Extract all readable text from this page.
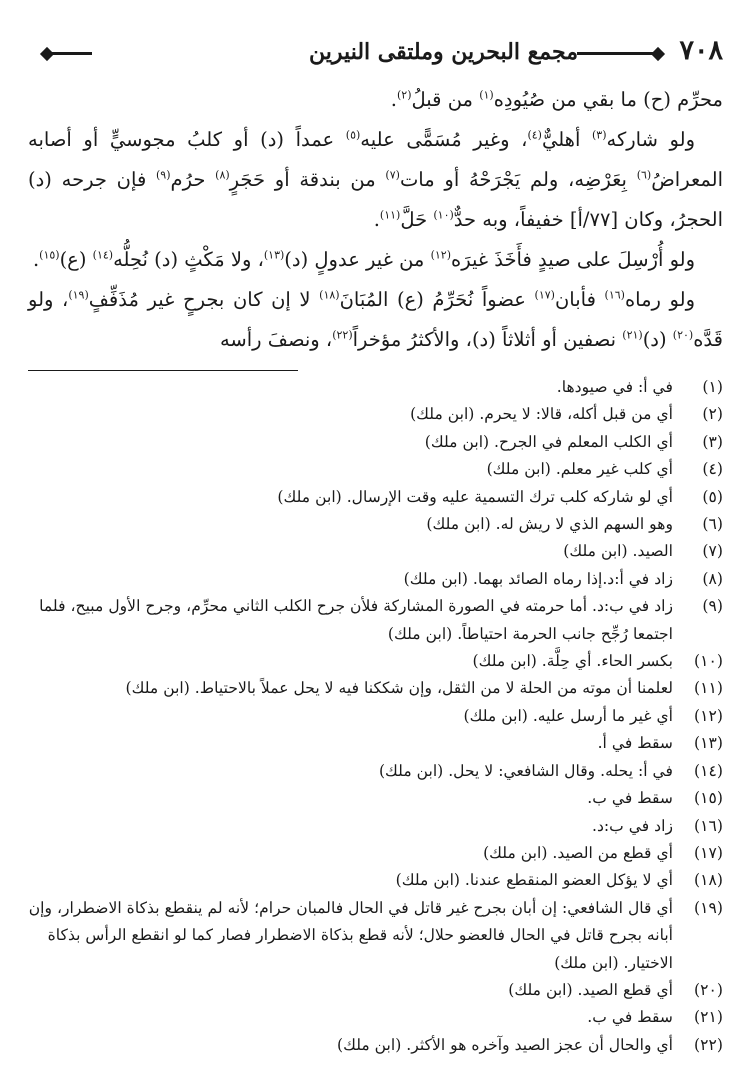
٧٠٨
مجمع البحرين وملتقى النيرين

محرِّم (ح) ما بقي من صُيُودِه$^{(١)}$ من قبلُ$^{(٢)}$.

ولو شاركه$^{(٣)}$ أهليٌّ$^{(٤)}$، وغير مُسَمًّى عليه$^{(٥)}$ عمداً (د) أو كلبُ مجوسيٍّ أو أصابه المعراضُ$^{(٦)}$ بِعَرْضِه، ولم يَجْرَحْهُ أو مات$^{(٧)}$ من بندقة أو حَجَرٍ$^{(٨)}$ حرُم$^{(٩)}$ فإن جرحه (د) الحجرُ، وكان [٧٧/أ] خفيفاً، وبه حدٌّ$^{(١٠)}$ حَلَّ$^{(١١)}$.

ولو أُرْسِلَ على صيدٍ فأَخَذَ غيرَه$^{(١٢)}$ من غير عدولٍ (د)$^{(١٣)}$، ولا مَكْثٍ (د) نُحِلُّه$^{(١٤)}$ (ع)$^{(١٥)}$.

ولو رماه$^{(١٦)}$ فأبان$^{(١٧)}$ عضواً نُحَرِّمُ (ع) المُبَانَ$^{(١٨)}$ لا إن كان بجرحٍ غير مُذَفِّفٍ$^{(١٩)}$، ولو قَدَّه$^{(٢٠)}$ (د)$^{(٢١)}$ نصفين أو أثلاثاً (د)، والأكثرُ مؤخراً$^{(٢٢)}$، ونصفَ رأسه

(١)
في أ: في صيودها.
(٢)
أي من قبل أكله، قالا: لا يحرم. (ابن ملك)
(٣)
أي الكلب المعلم في الجرح. (ابن ملك)
(٤)
أي كلب غير معلم. (ابن ملك)
(٥)
أي لو شاركه كلب ترك التسمية عليه وقت الإرسال. (ابن ملك)
(٦)
وهو السهم الذي لا ريش له. (ابن ملك)
(٧)
الصيد. (ابن ملك)
(٨)
زاد في أ:د.إذا رماه الصائد بهما. (ابن ملك)
(٩)
زاد في ب:د. أما حرمته في الصورة المشاركة فلأن جرح الكلب الثاني محرِّم، وجرح الأول مبيح، فلما اجتمعا رُجِّح جانب الحرمة احتياطاً. (ابن ملك)
(١٠)
بكسر الحاء. أي حِلَّة. (ابن ملك)
(١١)
لعلمنا أن موته من الحلة لا من الثقل، وإن شككنا فيه لا يحل عملاً بالاحتياط. (ابن ملك)
(١٢)
أي غير ما أرسل عليه. (ابن ملك)
(١٣)
سقط في أ.
(١٤)
في أ: يحله. وقال الشافعي: لا يحل. (ابن ملك)
(١٥)
سقط في ب.
(١٦)
زاد في ب:د.
(١٧)
أي قطع من الصيد. (ابن ملك)
(١٨)
أي لا يؤكل العضو المنقطع عندنا. (ابن ملك)
(١٩)
أي قال الشافعي: إن أبان بجرح غير قاتل في الحال فالمبان حرام؛ لأنه لم ينقطع بذكاة الاضطرار، وإن أبانه بجرح قاتل في الحال فالعضو حلال؛ لأنه قطع بذكاة الاضطرار فصار كما لو انقطع الرأس بذكاة الاختيار. (ابن ملك)
(٢٠)
أي قطع الصيد. (ابن ملك)
(٢١)
سقط في ب.
(٢٢)
أي والحال أن عجز الصيد وآخره هو الأكثر. (ابن ملك)
